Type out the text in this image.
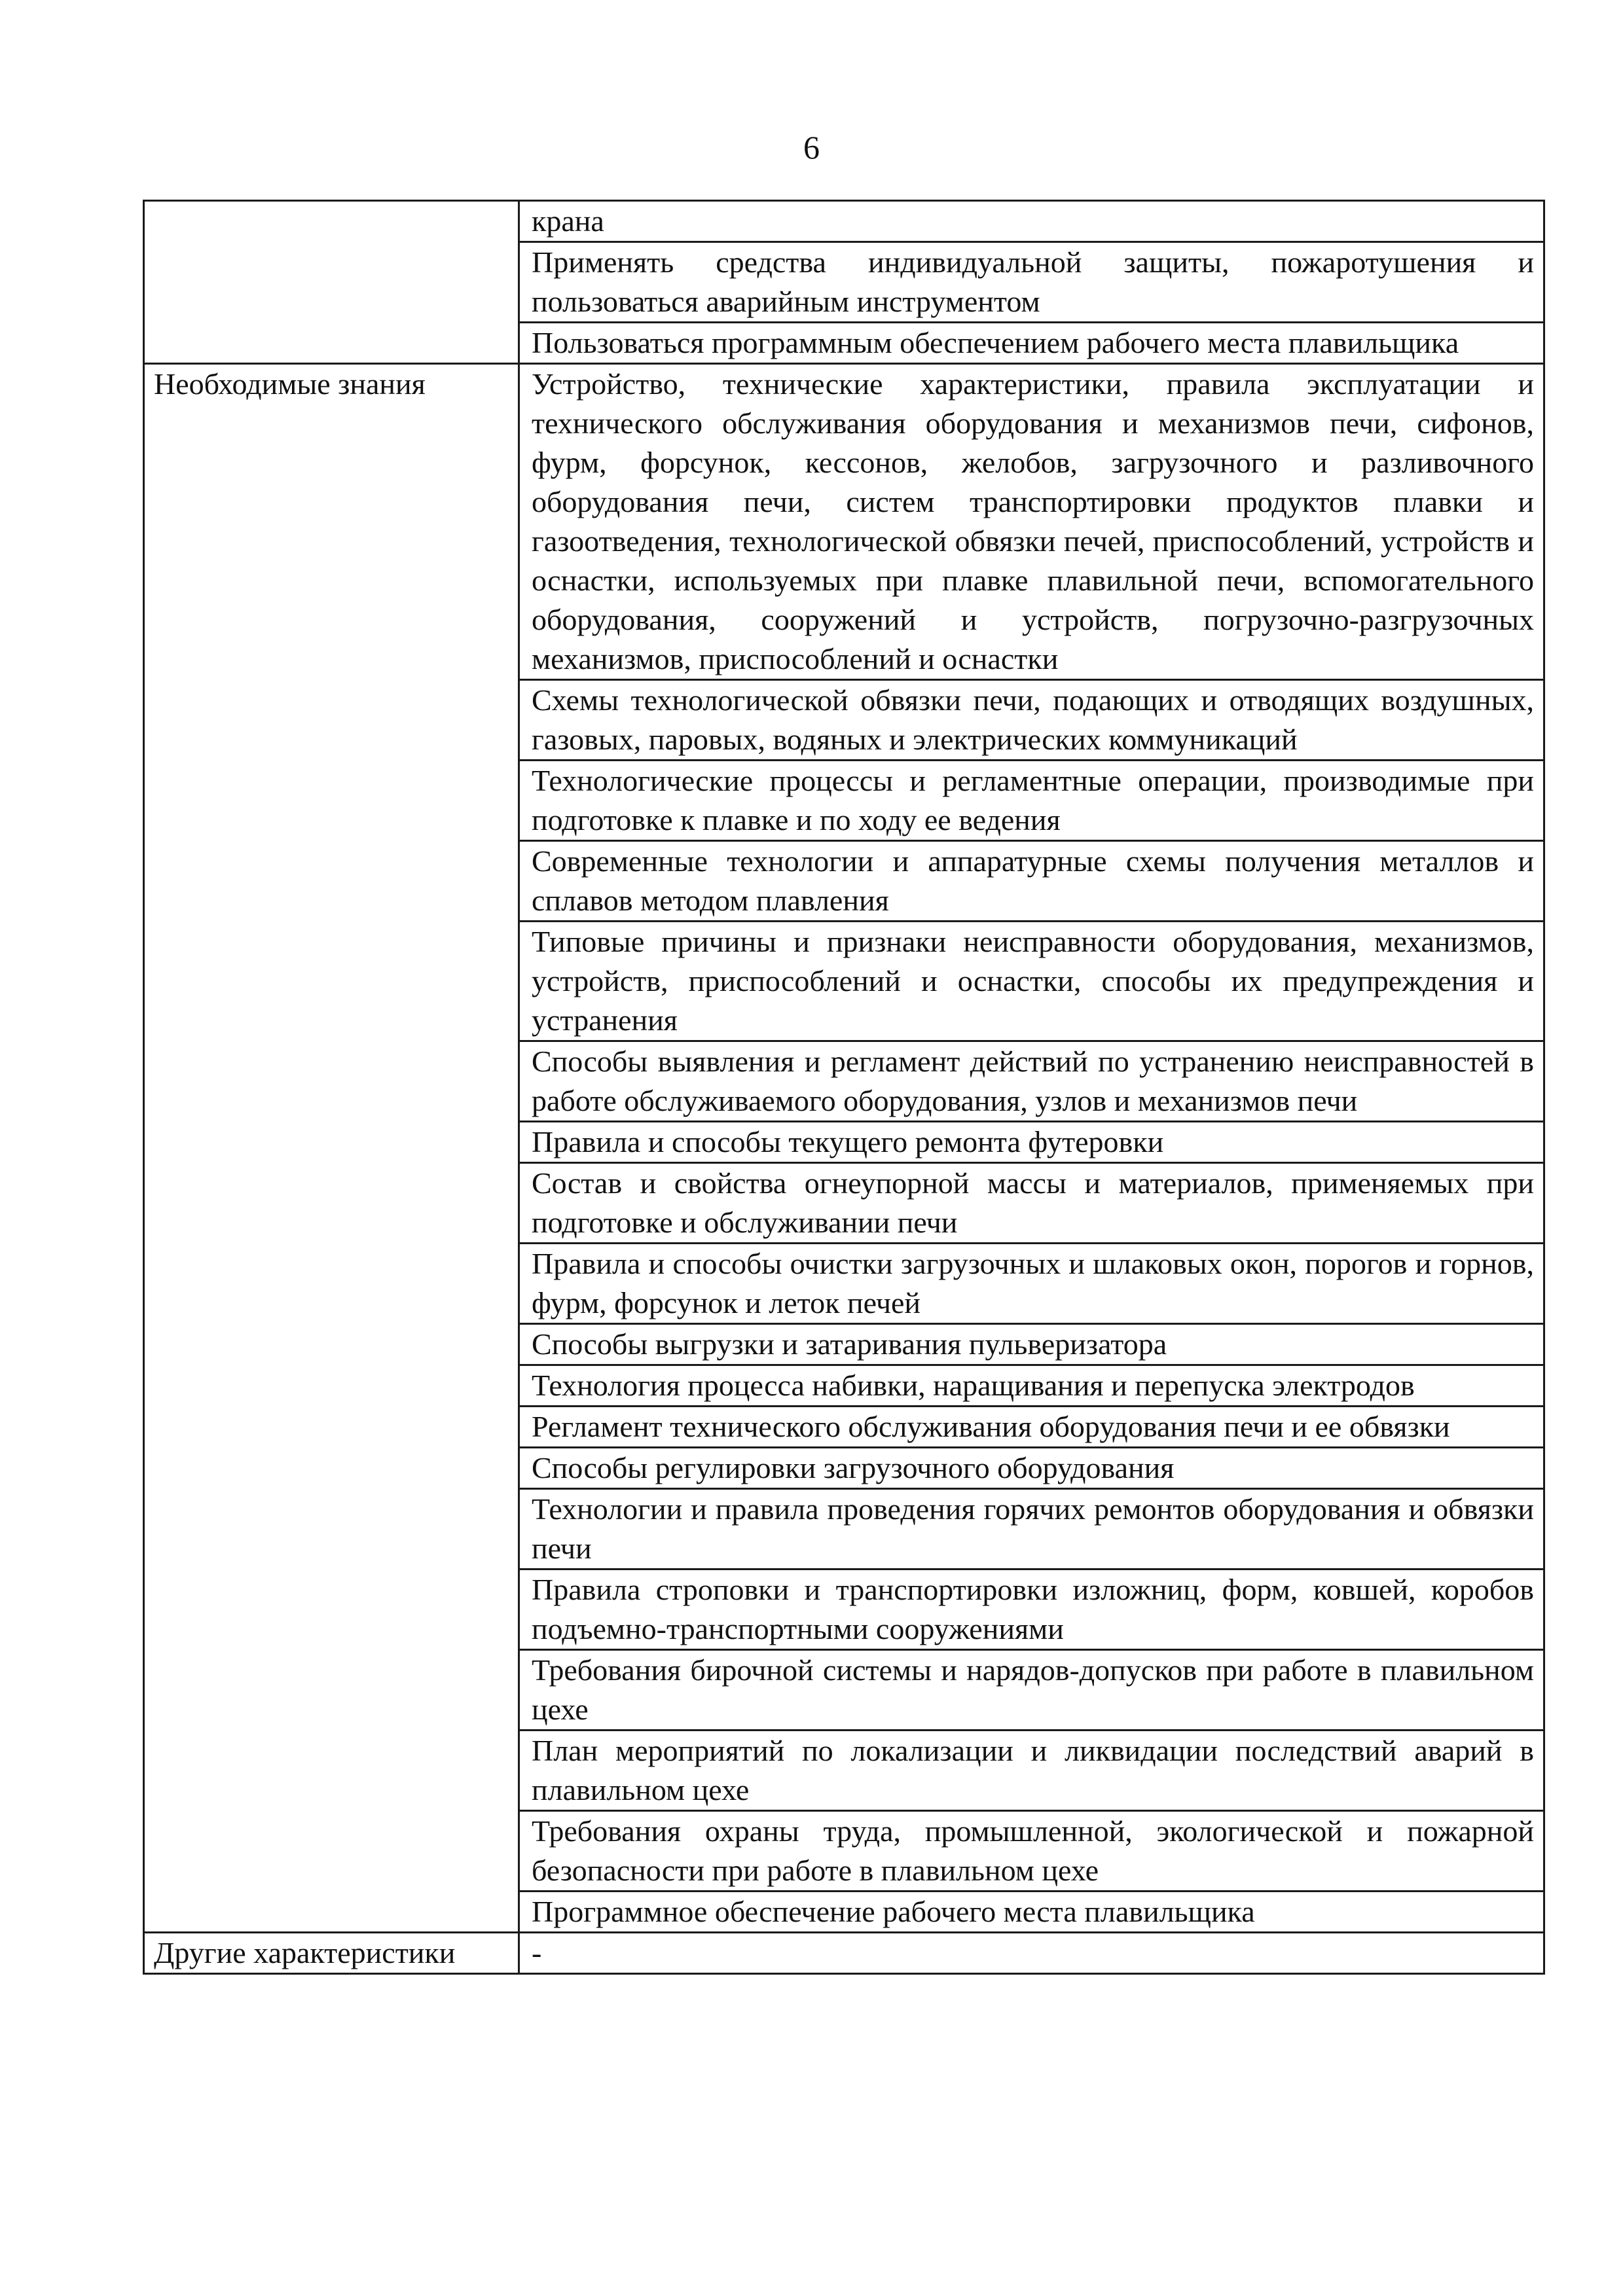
6
	крана
	Применять средства индивидуальной защиты, пожаротушения и пользоваться аварийным инструментом
	Пользоваться программным обеспечением рабочего места плавильщика
Необходимые знания	Устройство, технические характеристики, правила эксплуатации и технического обслуживания оборудования и механизмов печи, сифонов, фурм, форсунок, кессонов, желобов, загрузочного и разливочного оборудования печи, систем транспортировки продуктов плавки и газоотведения, технологической обвязки печей, приспособлений, устройств и оснастки, используемых при плавке плавильной печи, вспомогательного оборудования, сооружений и устройств, погрузочно-разгрузочных механизмов, приспособлений и оснастки
	Схемы технологической обвязки печи, подающих и отводящих воздушных, газовых, паровых, водяных и электрических коммуникаций
	Технологические процессы и регламентные операции, производимые при подготовке к плавке и по ходу ее ведения
	Современные технологии и аппаратурные схемы получения металлов и сплавов методом плавления
	Типовые причины и признаки неисправности оборудования, механизмов, устройств, приспособлений и оснастки, способы их предупреждения и устранения
	Способы выявления и регламент действий по устранению неисправностей в работе обслуживаемого оборудования, узлов и механизмов печи
	Правила и способы текущего ремонта футеровки
	Состав и свойства огнеупорной массы и материалов, применяемых при подготовке и обслуживании печи
	Правила и способы очистки загрузочных и шлаковых окон, порогов и горнов, фурм, форсунок и леток печей
	Способы выгрузки и затаривания пульверизатора
	Технология процесса набивки, наращивания и перепуска электродов
	Регламент технического обслуживания оборудования печи и ее обвязки
	Способы регулировки загрузочного оборудования
	Технологии и правила проведения горячих ремонтов оборудования и обвязки печи
	Правила строповки и транспортировки изложниц, форм, ковшей, коробов подъемно-транспортными сооружениями
	Требования бирочной системы и нарядов-допусков при работе в плавильном цехе
	План мероприятий по локализации и ликвидации последствий аварий в плавильном цехе
	Требования охраны труда, промышленной, экологической и пожарной безопасности при работе в плавильном цехе
	Программное обеспечение рабочего места плавильщика
Другие характеристики	-
